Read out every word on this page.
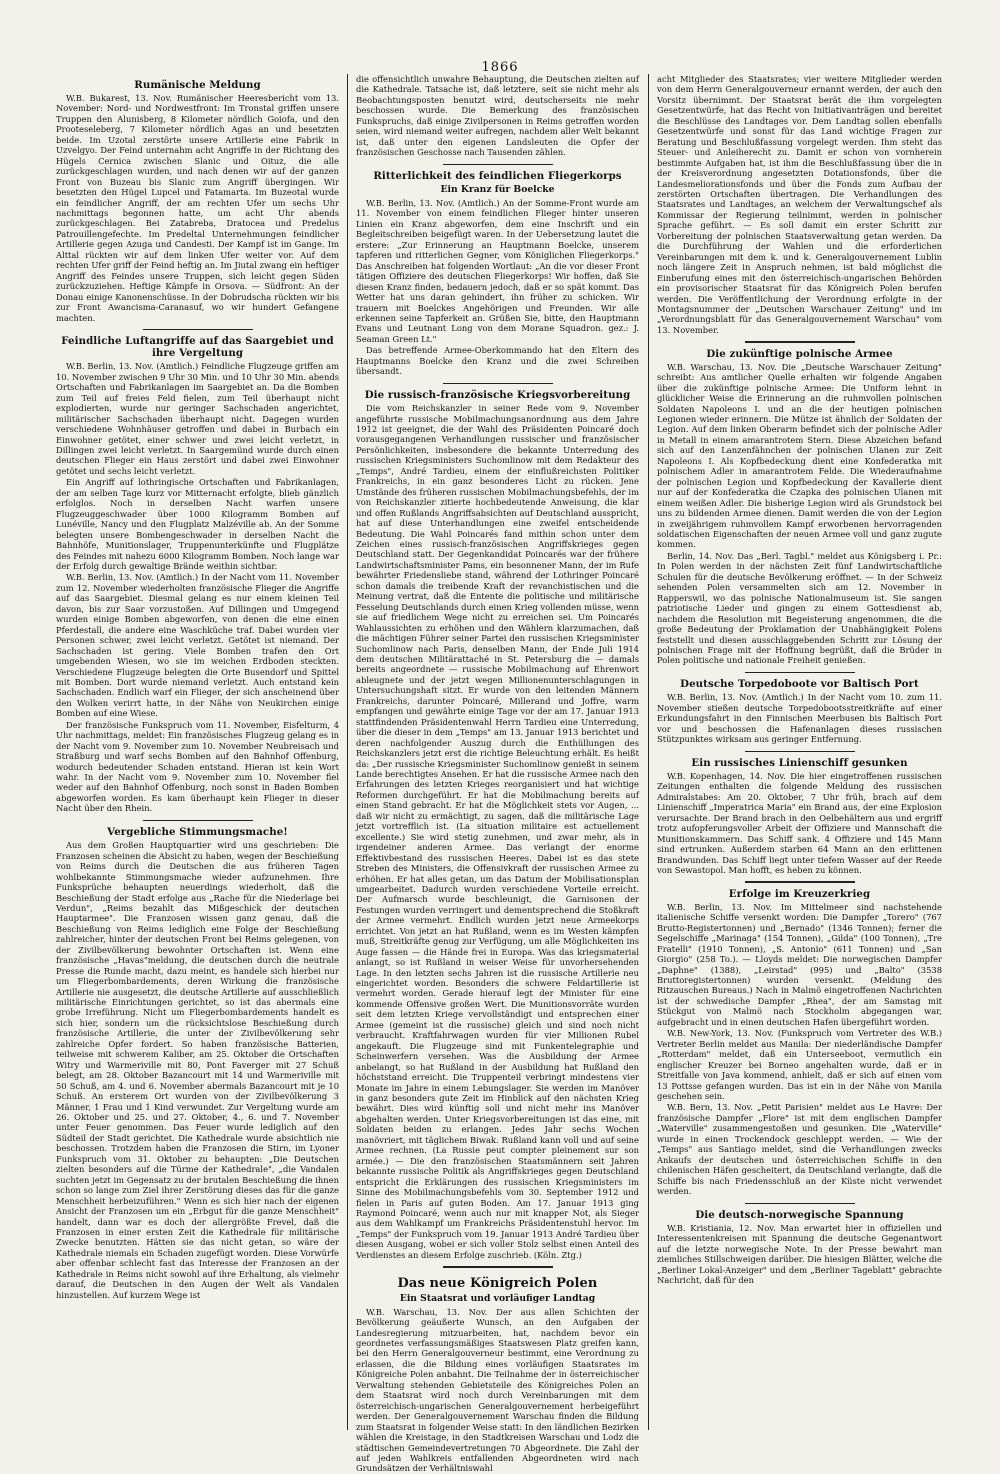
1866
Rumänische Meldung

W.B. Bukarest, 13. Nov. Rumänischer Heeresbericht vom 13. November: Nord- und Nordwestfront: Im Tronstal griffen unsere Truppen den Alunisberg, 8 Kilometer nördlich Goiofa, und den Prooteseleberg, 7 Kilometer nördlich Agas an und besetzten beide. Im Uzotal zerstörte unsere Artillerie eine Fabrik in Uzvelgyo. Der Feind unternahm acht Angriffe in der Richtung des Hügels Cernica zwischen Slanic und Oituz, die alle zurückgeschlagen wurden, und nach denen wir auf der ganzen Front von Buzeau bis Slanic zum Angriff übergingen. Wir besetzten den Hügel Lupcel und Fatamarta. Im Buzeotal wurde ein feindlicher Angriff, der am rechten Ufer um sechs Uhr nachmittags begonnen hatte, um acht Uhr abends zurückgeschlagen. Bei Zatabreba, Dratocea und Predelus Patrouillengefechte. Im Predeltal Unternehmungen feindlicher Artillerie gegen Azuga und Candesti. Der Kampf ist im Gange. Im Alttal rückten wir auf dem linken Ufer weiter vor. Auf dem rechten Ufer griff der Feind heftig an. Im Jiutal zwang ein heftiger Angriff des Feindes unsere Truppen, sich leicht gegen Süden zurückzuziehen. Heftige Kämpfe in Orsova. — Südfront: An der Donau einige Kanonenschüsse. In der Dobrudscha rückten wir bis zur Front Awancisma-Caranasuf, wo wir hundert Gefangene machten.

Feindliche Luftangriffe auf das Saargebiet und ihre Vergeltung

W.B. Berlin, 13. Nov. (Amtlich.) Feindliche Flugzeuge griffen am 10. November zwischen 9 Uhr 30 Min. und 10 Uhr 30 Min. abends Ortschaften und Fabrikanlagen im Saargebiet an. Da die Bomben zum Teil auf freies Feld fielen, zum Teil überhaupt nicht explodierten, wurde nur geringer Sachschaden angerichtet, militärischer Sachschaden überhaupt nicht. Dagegen wurden verschiedene Wohnhäuser getroffen und dabei in Burbach ein Einwohner getötet, einer schwer und zwei leicht verletzt, in Dillingen zwei leicht verletzt. In Saargemünd wurde durch einen deutschen Flieger ein Haus zerstört und dabei zwei Einwohner getötet und sechs leicht verletzt.

Ein Angriff auf lothringische Ortschaften und Fabrikanlagen, der am selben Tage kurz vor Mitternacht erfolgte, blieb gänzlich erfolglos. Noch in derselben Nacht warfen unsere Flugzeuggeschwader über 1000 Kilogramm Bomben auf Lunéville, Nancy und den Flugplatz Malzéville ab. An der Somme belegten unsere Bombengeschwader in derselben Nacht die Bahnhöfe, Munitionslager, Truppenunterkünfte und Flugplätze des Feindes mit nahezu 6000 Kilogramm Bomben. Noch lange war der Erfolg durch gewaltige Brände weithin sichtbar.

W.B. Berlin, 13. Nov. (Amtlich.) In der Nacht vom 11. November zum 12. November wiederholten französische Flieger die Angriffe auf das Saargebiet. Diesmal gelang es nur einem kleinen Teil davon, bis zur Saar vorzustoßen. Auf Dillingen und Umgegend wurden einige Bomben abgeworfen, von denen die eine einen Pferdestall, die andere eine Waschküche traf. Dabei wurden vier Personen schwer, zwei leicht verletzt. Getötet ist niemand. Der Sachschaden ist gering. Viele Bomben trafen den Ort umgebenden Wiesen, wo sie im weichen Erdboden steckten. Verschiedene Flugzeuge belegten die Orte Busendorf und Spittel mit Bomben. Dort wurde niemand verletzt. Auch entstand kein Sachschaden. Endlich warf ein Flieger, der sich anscheinend über den Wolken verirrt hatte, in der Nähe von Neukirchen einige Bomben auf eine Wiese.

Der französische Funkspruch vom 11. November, Eisfelturm, 4 Uhr nachmittags, meldet: Ein französisches Flugzeug gelang es in der Nacht vom 9. November zum 10. November Neubreisach und Straßburg und warf sechs Bomben auf den Bahnhof Offenburg, wodurch bedeutender Schaden entstand. Hieran ist kein Wort wahr. In der Nacht vom 9. November zum 10. November fiel weder auf den Bahnhof Offenburg, noch sonst in Baden Bomben abgeworfen worden. Es kam überhaupt kein Flieger in dieser Nacht über den Rhein.

Vergebliche Stimmungsmache!

Aus dem Großen Hauptquartier wird uns geschrieben: Die Franzosen scheinen die Absicht zu haben, wegen der Beschießung von Reims durch die Deutschen die aus früheren Tagen wohlbekannte Stimmungsmache wieder aufzunehmen. Ihre Funksprüche behaupten neuerdings wiederholt, daß die Beschießung der Stadt erfolge aus „Rache für die Niederlage bei Verdun", „Reims bezahlt das Mißgeschick der deutschen Hauptarmee". Die Franzosen wissen ganz genau, daß die Beschießung von Reims lediglich eine Folge der Beschießung zahlreicher, hinter der deutschen Front bei Reims gelegenen, von der Zivilbevölkerung bewohnter Ortschaften ist. Wenn eine französische „Havas"meldung, die deutschen durch die neutrale Presse die Runde macht, dazu meint, es handele sich hierbei nur um Fliegerbombardements, deren Wirkung die französische Artillerie nie ausgesetzt, die deutsche Artillerie auf ausschließlich militärische Einrichtungen gerichtet, so ist das abermals eine grobe Irreführung. Nicht um Fliegerbombardements handelt es sich hier, sondern um die rücksichtslose Beschießung durch französische Artillerie, die unter der Zivilbevölkerung sehr zahlreiche Opfer fordert. So haben französische Batterien, teilweise mit schwerem Kaliber, am 25. Oktober die Ortschaften Witry und Warmeriville mit 80, Pont Faverger mit 27 Schuß belegt, am 28. Oktober Bazancourt mit 14 und Warmeriville mit 50 Schuß, am 4. und 6. November abermals Bazancourt mit je 10 Schuß. An ersterem Ort wurden von der Zivilbevölkerung 3 Männer, 1 Frau und 1 Kind verwundet. Zur Vergeltung wurde am 26. Oktober und 25. und 27. Oktober, 4., 6. und 7. November unter Feuer genommen. Das Feuer wurde lediglich auf den Südteil der Stadt gerichtet. Die Kathedrale wurde absichtlich nie beschossen. Trotzdem haben die Franzosen die Stirn, im Lyoner Funkspruch vom 31. Oktober zu behaupten: „Die Deutschen zielten besonders auf die Türme der Kathedrale", „die Vandalen suchten jetzt im Gegensatz zu der brutalen Beschießung die ihnen schon so lange zum Ziel ihrer Zerstörung dieses das für die ganze Menschheit herbeizuführen." Wenn es sich hier nach der eigenen Ansicht der Franzosen um ein „Erbgut für die ganze Menschheit" handelt, dann war es doch der allergrößte Frevel, daß die Franzosen in einer ersten Zeit die Kathedrale für militärische Zwecke benutzten. Hätten sie das nicht getan, so wäre der Kathedrale niemals ein Schaden zugefügt worden. Diese Vorwürfe aber offenbar schlecht fast das Interesse der Franzosen an der Kathedrale in Reims nicht sowohl auf ihre Erhaltung, als vielmehr darauf, die Deutschen in den Augen der Welt als Vandalen hinzustellen. Auf kurzem Wege ist

die offensichtlich unwahre Behauptung, die Deutschen zielten auf die Kathedrale. Tatsache ist, daß letztere, seit sie nicht mehr als Beobachtungsposten benutzt wird, deutscherseits nie mehr beschossen wurde. Die Bemerkung des französischen Funkspruchs, daß einige Zivilpersonen in Reims getroffen worden seien, wird niemand weiter aufregen, nachdem aller Welt bekannt ist, daß unter den eigenen Landsleuten die Opfer der französischen Geschosse nach Tausenden zählen.

Ritterlichkeit des feindlichen Fliegerkorps
Ein Kranz für Boelcke

W.B. Berlin, 13. Nov. (Amtlich.) An der Somme-Front wurde am 11. November von einem feindlichen Flieger hinter unseren Linien ein Kranz abgeworfen, dem eine Inschrift und ein Begleitschreiben beigefügt waren. In der Uebersetzung lautet die erstere: „Zur Erinnerung an Hauptmann Boelcke, unserem tapferen und ritterlichen Gegner, vom Königlichen Fliegerkorps." Das Anschreiben hat folgenden Wortlaut: „An die vor dieser Front tätigen Offiziere des deutschen Fliegerkorps! Wir hoffen, daß Sie diesen Kranz finden, bedauern jedoch, daß er so spät kommt. Das Wetter hat uns daran gehindert, ihn früher zu schicken. Wir trauern mit Boelckes Angehörigen und Freunden. Wir alle erkennen seine Tapferkeit an. Grüßen Sie, bitte, den Hauptmann Evans und Leutnant Long von dem Morane Squadron. gez.: J. Seaman Green Lt."

Das betreffende Armee-Oberkommando hat den Eltern des Hauptmanns Boelcke den Kranz und die zwei Schreiben übersandt.

Die russisch-französische Kriegsvorbereitung

Die vom Reichskanzler in seiner Rede vom 9. November angeführte russische Mobilmachungsanordnung aus dem Jahre 1912 ist geeignet, die der Wahl des Präsidenten Poincaré doch vorausgegangenen Verhandlungen russischer und französischer Persönlichkeiten, insbesondere die bekannte Unterredung des russischen Kriegsministers Suchomlinow mit dem Redakteur des „Temps", André Tardieu, einem der einflußreichsten Politiker Frankreichs, in ein ganz besonderes Licht zu rücken. Jene Umstände des früheren russischen Mobilmachungsbefehls, der im von Reichskanzler zitierte hochbedeutende Anweisung, die klar und offen Rußlands Angriffsabsichten auf Deutschland ausspricht, hat auf diese Unterhandlungen eine zweifel entscheidende Bedeutung. Die Wahl Poincarés fand mithin schon unter dem Zeichen eines russisch-französischen Angriffskrieges gegen Deutschland statt. Der Gegenkandidat Poincarés war der frühere Landwirtschaftsminister Pams, ein besonnener Mann, der im Rufe bewährter Friedensliebe stand, während der Lothringer Poincaré schon damals die treibende Kraft der revanchistischen und die Meinung vertrat, daß die Entente die politische und militärische Fesselung Deutschlands durch einen Krieg vollenden müsse, wenn sie auf friedlichem Wege nicht zu erreichen sei. Um Poincarés Wahlaussichten zu erhöhen und den Wählern klarzumachen, daß die mächtigen Führer seiner Partei den russischen Kriegsminister Suchomlinow nach Paris, denselben Mann, der Ende Juli 1914 dem deutschen Militärattaché in St. Petersburg die — damals bereits angeordnete — russische Mobilmachung auf Ehrenwort ableugnete und der jetzt wegen Millionenunterschlagungen in Untersuchungshaft sitzt. Er wurde von den leitenden Männern Frankreichs, darunter Poincaré, Millerand und Joffre, warm empfangen und gewährte einige Tage vor der am 17. Januar 1913 stattfindenden Präsidentenwahl Herrn Tardieu eine Unterredung, über die dieser in dem „Temps" am 13. Januar 1913 berichtet und deren nachfolgender Auszug durch die Enthüllungen des Reichskanzlers jetzt erst die richtige Beleuchtung erhält. Es heißt da: „Der russische Kriegsminister Suchomlinow genießt in seinem Lande berechtigtes Ansehen. Er hat die russische Armee nach den Erfahrungen des letzten Krieges reorganisiert und hat wichtige Reformen durchgeführt. Er hat die Mobilmachung bereits auf einen Stand gebracht. Er hat die Möglichkeit stets vor Augen, ... daß wir nicht zu ermächtigt, zu sagen, daß die militärische Lage jetzt vortrefflich ist. (La situation militaire est actuellement excellente.) Sie wird stetig zunehmen, und zwar mehr, als in irgendeiner anderen Armee. Das verlangt der enorme Effektivbestand des russischen Heeres. Dabei ist es das stete Streben des Ministers, die Offensivkraft der russischen Armee zu erhöhen. Er hat alles getan, um das Datum der Mobilisationsplan umgearbeitet. Dadurch wurden verschiedene Vorteile erreicht. Der Aufmarsch wurde beschleunigt, die Garnisonen der Festungen wurden verringert und dementsprechend die Stoßkraft der Armee vermehrt. Endlich wurden jetzt neue Armeekorps errichtet. Von jetzt an hat Rußland, wenn es im Westen kämpfen muß, Streitkräfte genug zur Verfügung, um alle Möglichkeiten ins Auge fassen — die Hände frei in Europa. Was das kriegsmaterial anlangt, so ist Rußland in weiser Weise für unvorhersehenden Lage. In den letzten sechs Jahren ist die russische Artillerie neu eingerichtet worden. Besonders die schwere Feldartillerie ist vermehrt worden. Gerade hierauf legt der Minister für eine kommende Offensive großen Wert. Die Munitionsvorräte wurden seit dem letzten Kriege vervollständigt und entsprechen einer Armee (gemeint ist die russische) gleich und sind noch nicht verbraucht. Kraftfahrwagen wurden für vier Millionen Rubel angekauft. Die Flugzeuge sind mit Funkentelegraphie und Scheinwerfern versehen. Was die Ausbildung der Armee anbelangt, so hat Rußland in der Ausbildung hat Rußland den höchststand erreicht. Die Truppenteil verbringt mindestens vier Monate im Jahre in einem Lebungslager. Sie werden im Manöver in ganz besonders gute Zeit im Hinblick auf den nächsten Krieg bewährt. Dies wird künftig soll und nicht mehr ins Manöver abgehalten werden. Unter Kriegsvorbereitungen ist das eine, mit Soldaten beiden zu erlangen. Jedes Jahr sechs Wochen manövriert, mit täglichem Biwak. Rußland kann voll und auf seine Armee rechnen. (La Russie peut compter pleinement sur son armée.) — Die den französischen Staatsmännern seit Jahren bekannte russische Politik als Angriffskrieges gegen Deutschland entspricht die Erklärungen des russischen Kriegsministers im Sinne des Mobilmachungsbefehls vom 30. September 1912 und fielen in Paris auf guten Boden. Am 17. Januar 1913 ging Raymond Poincaré, wenn auch nur mit knapper Not, als Sieger aus dem Wahlkampf um Frankreichs Präsidentenstuhl hervor. Im „Temps" der Funkspruch vom 19. Januar 1913 André Tardieu über diesen Ausgang, wobei er sich voller Stolz selbst einen Anteil des Verdienstes an diesem Erfolge zuschrieb. (Köln. Ztg.)

Das neue Königreich Polen
Ein Staatsrat und vorläufiger Landtag

W.B. Warschau, 13. Nov. Der aus allen Schichten der Bevölkerung geäußerte Wunsch, an den Aufgaben der Landesregierung mitzuarbeiten, hat, nachdem bevor ein geordnetes verfassungsmäßiges Staatswesen Platz greifen kann, bei den Herrn Generalgouverneur bestimmt, eine Verordnung zu erlassen, die die Bildung eines vorläufigen Staatsrates im Königreiche Polen anbahnt. Die Teilnahme der in österreichischer Verwaltung stehenden Gebietsteile des Königreiches Polen an dem Staatsrat wird noch durch Vereinbarungen mit dem österreichisch-ungarischen Generalgouvernement herbeigeführt werden. Der Generalgouvernement Warschau finden die Bildung zum Staatsrat in folgender Weise statt: In den ländlichen Bezirken wählen die Kreistage, in den Stadtkreisen Warschau und Lodz die städtischen Gemeindevertretungen 70 Abgeordnete. Die Zahl der auf jeden Wahlkreis entfallenden Abgeordneten wird nach Grundsätzen der Verhältniswahl

acht Mitglieder des Staatsrates; vier weitere Mitglieder werden von dem Herrn Generalgouverneur ernannt werden, der auch den Vorsitz übernimmt. Der Staatsrat berät die ihm vorgelegten Gesetzentwürfe, hat das Recht von Initiativanträgen und bereitet die Beschlüsse des Landtages vor. Dem Landtag sollen ebenfalls Gesetzentwürfe und sonst für das Land wichtige Fragen zur Beratung und Beschlußfassung vorgelegt werden. Ihm steht das Steuer- und Anleiherecht zu. Damit er schon von vornherein bestimmte Aufgaben hat, ist ihm die Beschlußfassung über die in der Kreisverordnung angesetzten Dotationsfonds, über die Landesmeliorationsfonds und über die Fonds zum Aufbau der zerstörten Ortschaften übertragen. Die Verhandlungen des Staatsrates und Landtages, an welchem der Verwaltungschef als Kommissar der Regierung teilnimmt, werden in polnischer Sprache geführt. — Es soll damit ein erster Schritt zur Vorbereitung der polnischen Staatsverwaltung getan werden. Da die Durchführung der Wahlen und die erforderlichen Vereinbarungen mit dem k. und k. Generalgouvernement Lublin noch längere Zeit in Anspruch nehmen, ist bald möglichst die Einberufung eines mit den österreichisch-ungarischen Behörden ein provisorischer Staatsrat für das Königreich Polen berufen werden. Die Veröffentlichung der Verordnung erfolgte in der Montagsnummer der „Deutschen Warschauer Zeitung" und im „Verordnungsblatt für das Generalgouvernement Warschau" vom 13. November.

Die zukünftige polnische Armee

W.B. Warschau, 13. Nov. Die „Deutsche Warschauer Zeitung" schreibt: Aus amtlicher Quelle erhalten wir folgende Angaben über die zukünftige polnische Armee: Die Uniform lehnt in glücklicher Weise die Erinnerung an die ruhmvollen polnischen Soldaten Napoleons I. und an die der heutigen polnischen Legionen wieder erinnern. Die Mütze ist ähnlich der Soldaten der Legion. Auf dem linken Oberarm befindet sich der polnische Adler in Metall in einem amarantrotem Stern. Diese Abzeichen befand sich auf den Lanzenfähnchen der polnischen Ulanen zur Zeit Napoleons I. Als Kopfbedeckung dient eine Konfederatka mit polnischem Adler in amarantrotem Felde. Die Wiederaufnahme der polnischen Legion und Kopfbedeckung der Kavallerie dient nur auf der Konfederatka die Czapka des polnischen Ulanen mit einem weißen Adler. Die bisherige Legion wird als Grundstock bei uns zu bildenden Armee dienen. Damit werden die von der Legion in zweijährigem ruhmvollem Kampf erworbenen hervorragenden soldatischen Eigenschaften der neuen Armee voll und ganz zugute kommen.

Berlin, 14. Nov. Das „Berl. Tagbl." meldet aus Königsberg i. Pr.: In Polen werden in der nächsten Zeit fünf Landwirtschaftliche Schulen für die deutsche Bevölkerung eröffnet. — In der Schweiz sehenden Polen versammelten sich am 12. November in Rapperswil, wo das polnische Nationalmuseum ist. Sie sangen patriotische Lieder und gingen zu einem Gottesdienst ab, nachdem die Resolution mit Begeisterung angenommen, die die große Bedeutung der Proklamation der Unabhängigkeit Polens feststellt und diesen ausschlaggebenden Schritt zur Lösung der polnischen Frage mit der Hoffnung begrüßt, daß die Brüder in Polen politische und nationale Freiheit genießen.

Deutsche Torpedoboote vor Baltisch Port

W.B. Berlin, 13. Nov. (Amtlich.) In der Nacht vom 10. zum 11. November stießen deutsche Torpedobootsstreitkräfte auf einer Erkundungsfahrt in den Finnischen Meerbusen bis Baltisch Port vor und beschossen die Hafenanlagen dieses russischen Stützpunktes wirksam aus geringer Entfernung.

Ein russisches Linienschiff gesunken

W.B. Kopenhagen, 14. Nov. Die hier eingetroffenen russischen Zeitungen enthalten die folgende Meldung des russischen Admiralstabes: Am 20. Oktober, 7 Uhr früh, brach auf dem Linienschiff „Imperatrica Maria" ein Brand aus, der eine Explosion verursachte. Der Brand brach in den Oelbehältern aus und ergriff trotz aufopferungsvoller Arbeit der Offiziere und Mannschaft die Munitionskammern. Das Schiff sank. 4 Offiziere und 145 Mann sind ertrunken. Außerdem starben 64 Mann an den erlittenen Brandwunden. Das Schiff liegt unter tiefem Wasser auf der Reede von Sewastopol. Man hofft, es heben zu können.

Erfolge im Kreuzerkrieg

W.B. Berlin, 13. Nov. Im Mittelmeer sind nachstehende italienische Schiffe versenkt worden: Die Dampfer „Torero" (767 Brutto-Registertonnen) und „Bernado" (1346 Tonnen); ferner die Segelschiffe „Marinaga" (154 Tonnen), „Gilda" (100 Tonnen), „Tre Fratelli" (1910 Tonnen), „S. Antonio" (611 Tonnen) und „San Giorgio" (258 To.). — Lloyds meldet: Die norwegischen Dampfer „Daphne" (1388), „Leirstad" (995) und „Balto" (3538 Bruttoregistertonnen) wurden versenkt. (Meldung des Ritzauschen Bureaus.) Nach in Malmö eingetroffenen Nachrichten ist der schwedische Dampfer „Rhea", der am Samstag mit Stückgut von Malmö nach Stockholm abgegangen war, aufgebracht und in einen deutschen Hafen übergeführt worden.

W.B. New-York, 13. Nov. (Funkspruch vom Vertreter des W.B.) Vertreter Berlin meldet aus Manila: Der niederländische Dampfer „Rotterdam" meldet, daß ein Unterseeboot, vermutlich ein englischer Kreuzer bei Borneo angehalten wurde, daß er in Streitfalle von Java kommend, anhielt, daß er sich auf einen vom 13 Pottsse gefangen wurden. Das ist ein in der Nähe von Manila geschehen sein.

W.B. Bern, 13. Nov. „Petit Parisien" meldet aus Le Havre: Der französische Dampfer „Flore" ist mit dem englischen Dampfer „Waterville" zusammengestoßen und gesunken. Die „Waterville" wurde in einen Trockendock geschleppt werden. — Wie der „Temps" aus Santiago meldet, sind die Verhandlungen zwecks Ankaufs der deutschen und österreichischen Schiffe in den chilenischen Häfen gescheitert, da Deutschland verlangte, daß die Schiffe bis nach Friedensschluß an der Küste nicht verwendet werden.

Die deutsch-norwegische Spannung

W.B. Kristiania, 12. Nov. Man erwartet hier in offiziellen und Interessentenkreisen mit Spannung die deutsche Gegenantwort auf die letzte norwegische Note. In der Presse bewahrt man ziemliches Stillschweigen darüber. Die hiesigen Blätter, welche die „Berliner Lokal-Anzeiger" und dem „Berliner Tageblatt" gebrachte Nachricht, daß für den
